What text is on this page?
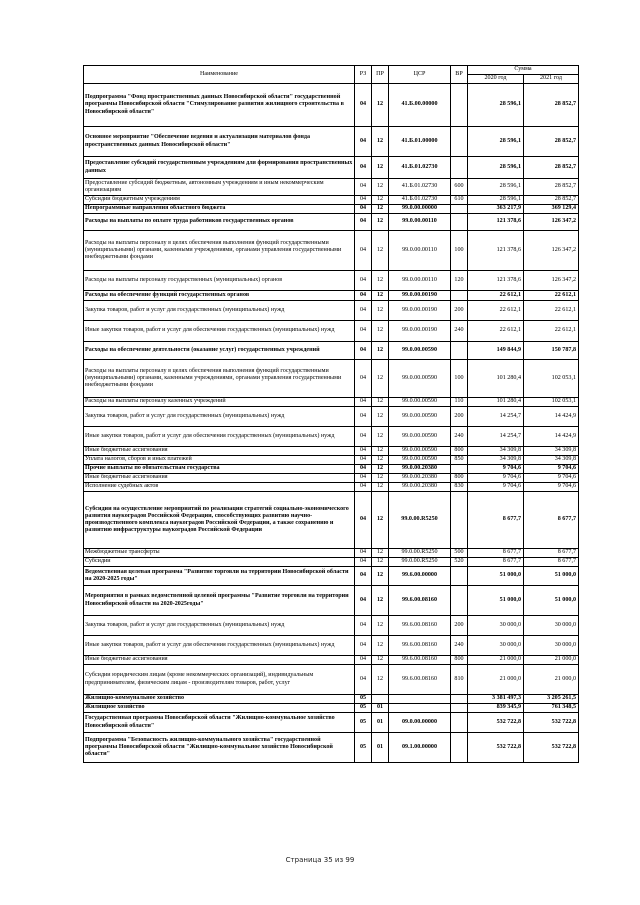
Наименование	РЗ	ПР	ЦСР	ВР	Сумма	
					2020 год	2021 год
Подпрограмма "Фонд пространственных данных Новосибирской области" государственной программы Новосибирской области "Стимулирование развития жилищного строительства в Новосибирской области"	04	12	41.Б.00.00000		28 596,1	28 852,7
Основное мероприятие "Обеспечение ведения и актуализации материалов фонда пространственных данных Новосибирской области"	04	12	41.Б.01.00000		28 596,1	28 852,7
Предоставление субсидий государственным учреждениям для формирования пространственных данных	04	12	41.Б.01.02730		28 596,1	28 852,7
Предоставление субсидий бюджетным, автономным учреждениям и иным некоммерческим организациям	04	12	41.Б.01.02730	600	28 596,1	28 852,7
Субсидии бюджетным учреждениям	04	12	41.Б.01.02730	610	28 596,1	28 852,7
Непрограммные направления областного бюджета	04	12	99.0.00.00000		363 217,9	369 129,4
Расходы на выплаты по оплате труда работников государственных органов	04	12	99.0.00.00110		121 378,6	126 347,2
Расходы на выплаты персоналу в целях обеспечения выполнения функций государственными (муниципальными) органами, казенными учреждениями, органами управления государственными внебюджетными фондами	04	12	99.0.00.00110	100	121 378,6	126 347,2
Расходы на выплаты персоналу государственных (муниципальных) органов	04	12	99.0.00.00110	120	121 378,6	126 347,2
Расходы на обеспечение функций государственных органов	04	12	99.0.00.00190		22 612,1	22 612,1
Закупка товаров, работ и услуг для государственных (муниципальных) нужд	04	12	99.0.00.00190	200	22 612,1	22 612,1
Иные закупки товаров, работ и услуг для обеспечения государственных (муниципальных) нужд	04	12	99.0.00.00190	240	22 612,1	22 612,1
Расходы на обеспечение деятельности (оказание услуг) государственных учреждений	04	12	99.0.00.00590		149 844,9	150 787,8
Расходы на выплаты персоналу в целях обеспечения выполнения функций государственными (муниципальными) органами, казенными учреждениями, органами управления государственными внебюджетными фондами	04	12	99.0.00.00590	100	101 280,4	102 053,1
Расходы на выплаты персоналу казенных учреждений	04	12	99.0.00.00590	110	101 280,4	102 053,1
Закупка товаров, работ и услуг для государственных (муниципальных) нужд	04	12	99.0.00.00590	200	14 254,7	14 424,9
Иные закупки товаров, работ и услуг для обеспечения государственных (муниципальных) нужд	04	12	99.0.00.00590	240	14 254,7	14 424,9
Иные бюджетные ассигнования	04	12	99.0.00.00590	800	34 309,8	34 309,8
Уплата налогов, сборов и иных платежей	04	12	99.0.00.00590	850	34 309,8	34 309,8
Прочие выплаты по обязательствам государства	04	12	99.0.00.20380		9 704,6	9 704,6
Иные бюджетные ассигнования	04	12	99.0.00.20380	800	9 704,6	9 704,6
Исполнение судебных актов	04	12	99.0.00.20380	830	9 704,6	9 704,6
Субсидии на осуществление мероприятий по реализации стратегий социально-экономического развития наукоградов Российской Федерации, способствующих развитию научно-производственного комплекса наукоградов Российской Федерации, а также сохранению и развитию инфраструктуры наукоградов Российской Федерации	04	12	99.0.00.R5250		8 677,7	8 677,7
Межбюджетные трансферты	04	12	99.0.00.R5250	500	8 677,7	8 677,7
Субсидии	04	12	99.0.00.R5250	520	8 677,7	8 677,7
Ведомственная целевая программа "Развитие торговли на территории Новосибирской области на 2020-2025 годы"	04	12	99.6.00.00000		51 000,0	51 000,0
Мероприятия в рамках ведомственной целевой программы "Развитие торговли на территории Новосибирской области на 2020-2025годы"	04	12	99.6.00.08160		51 000,0	51 000,0
Закупка товаров, работ и услуг для государственных (муниципальных) нужд	04	12	99.6.00.08160	200	30 000,0	30 000,0
Иные закупки товаров, работ и услуг для обеспечения государственных (муниципальных) нужд	04	12	99.6.00.08160	240	30 000,0	30 000,0
Иные бюджетные ассигнования	04	12	99.6.00.08160	800	21 000,0	21 000,0
Субсидии юридическим лицам (кроме некоммерческих организаций), индивидуальным предпринимателям, физическим лицам - производителям товаров, работ, услуг	04	12	99.6.00.08160	810	21 000,0	21 000,0
Жилищно-коммунальное хозяйство	05				3 381 497,3	3 205 261,5
Жилищное хозяйство	05	01			839 345,9	761 348,5
Государственная программа Новосибирской области "Жилищно-коммунальное хозяйство Новосибирской области"	05	01	09.0.00.00000		532 722,8	532 722,8
Подпрограмма "Безопасность жилищно-коммунального хозяйства" государственной программы Новосибирской области "Жилищно-коммунальное хозяйство Новосибирской области"	05	01	09.1.00.00000		532 722,8	532 722,8
Страница 35 из 99
